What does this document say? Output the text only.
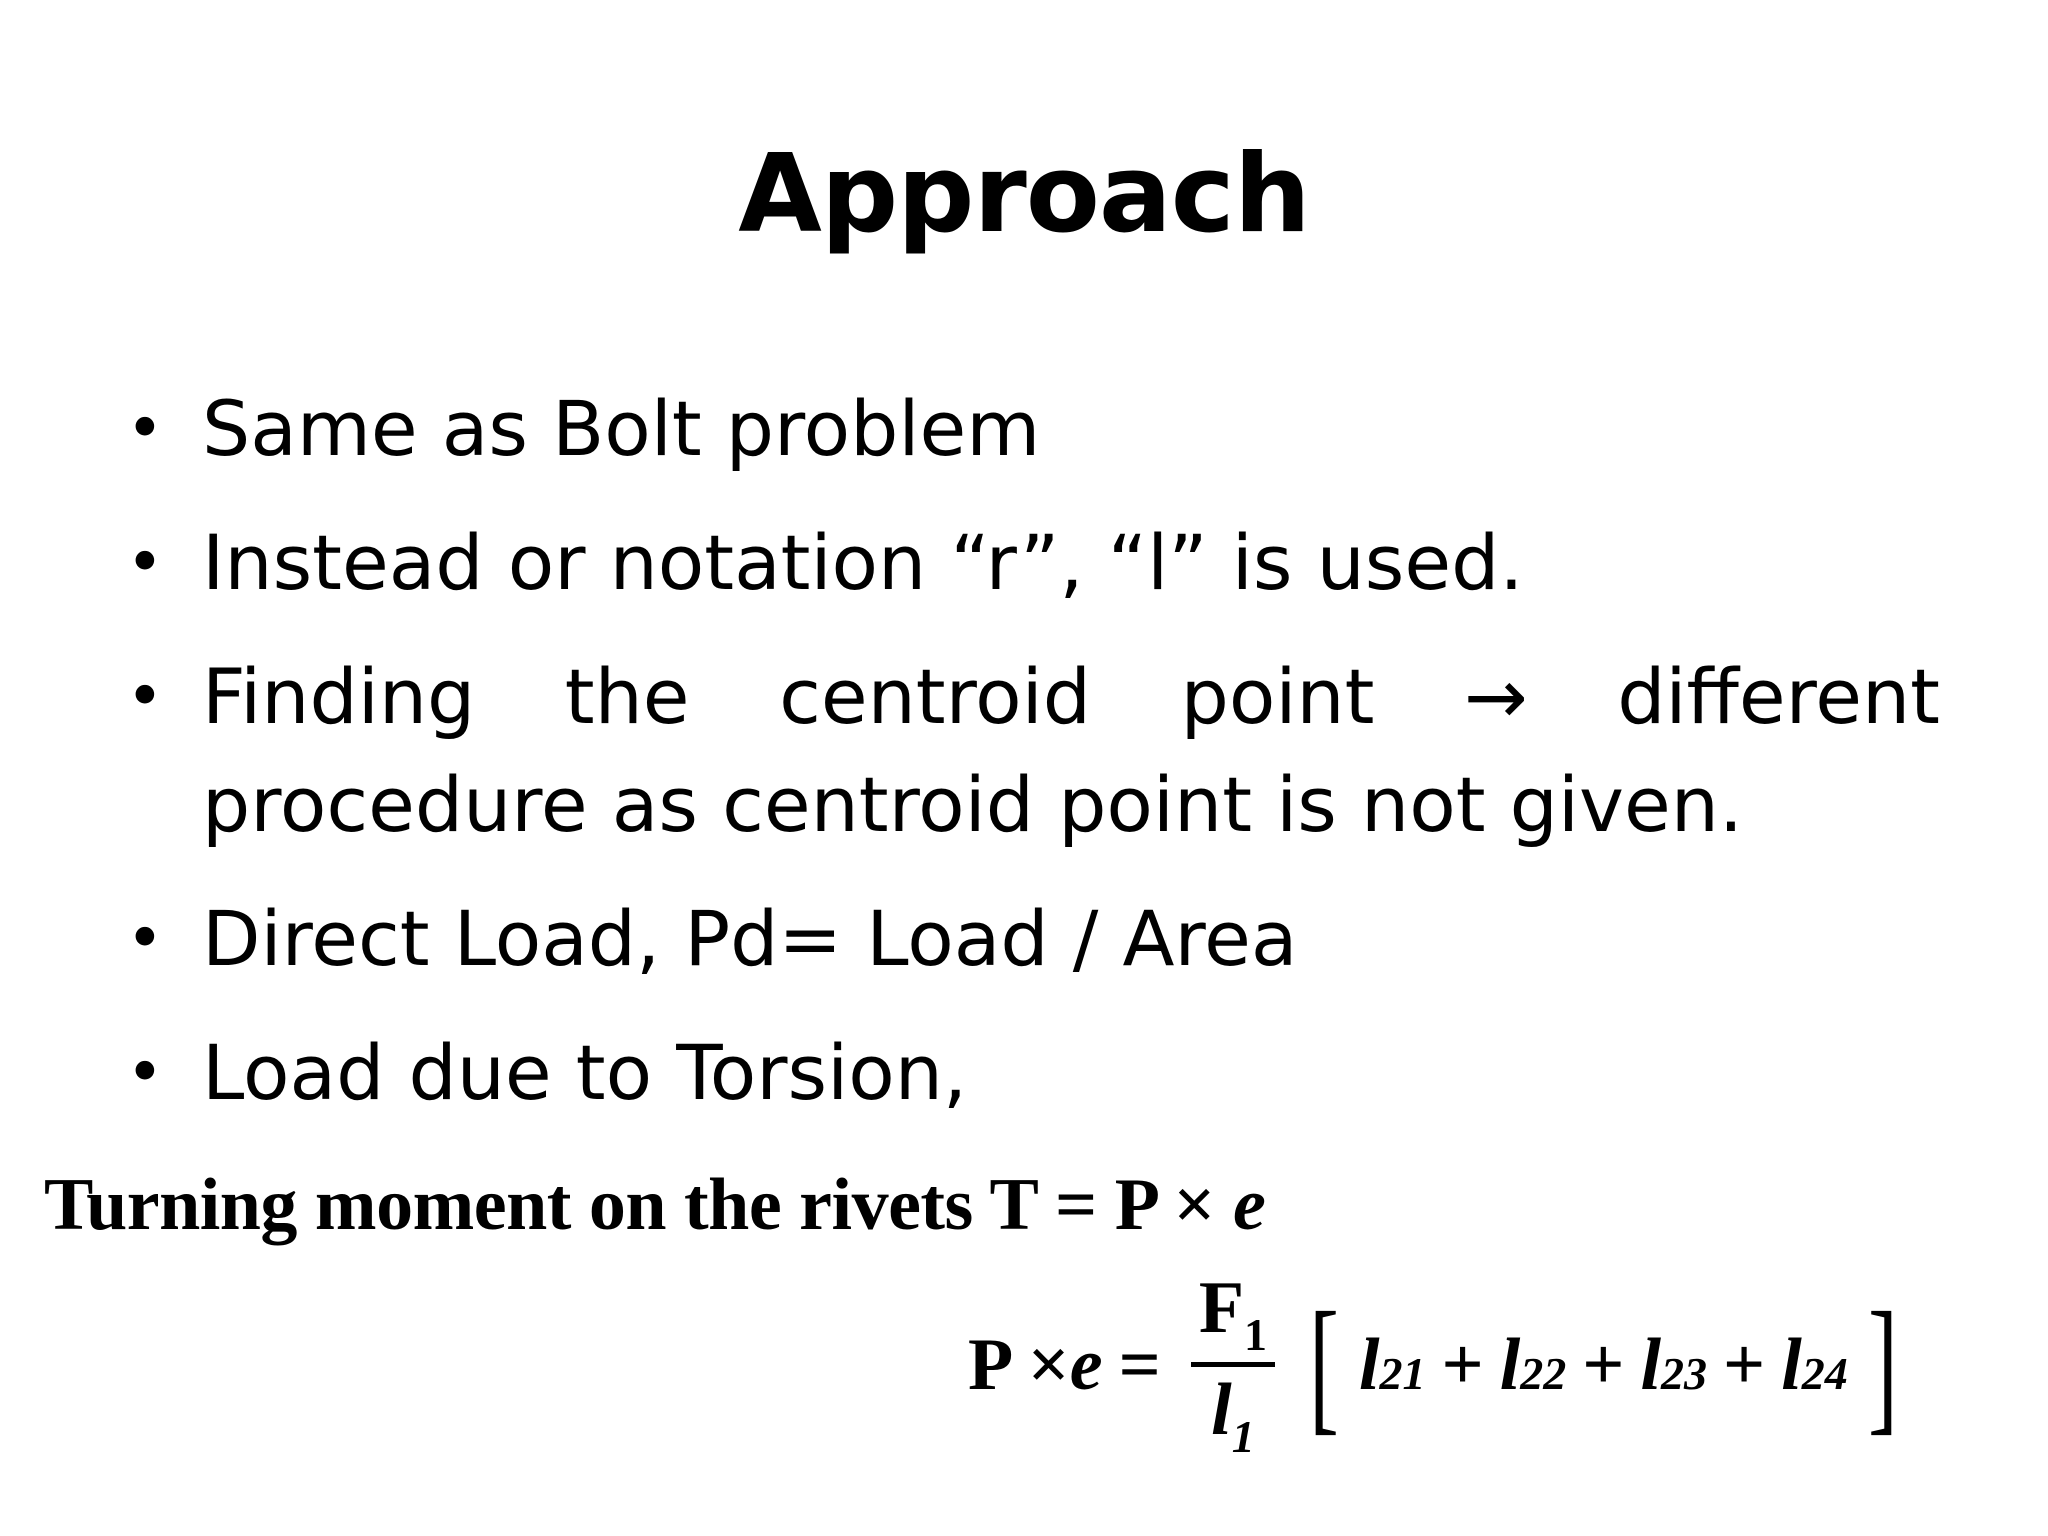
Approach
• Same as Bolt problem
• Instead or notation “r”, “l” is used.
• Finding the centroid point → different
procedure as centroid point is not given.
• Direct Load, Pd= Load / Area
• Load due to Torsion,
Turning moment on the rivets T = P × e
$P \times e = \frac{F_1}{l_1}$ [ l 2 1 + l 2 2 + l 2 3 + l 2 4 ]
